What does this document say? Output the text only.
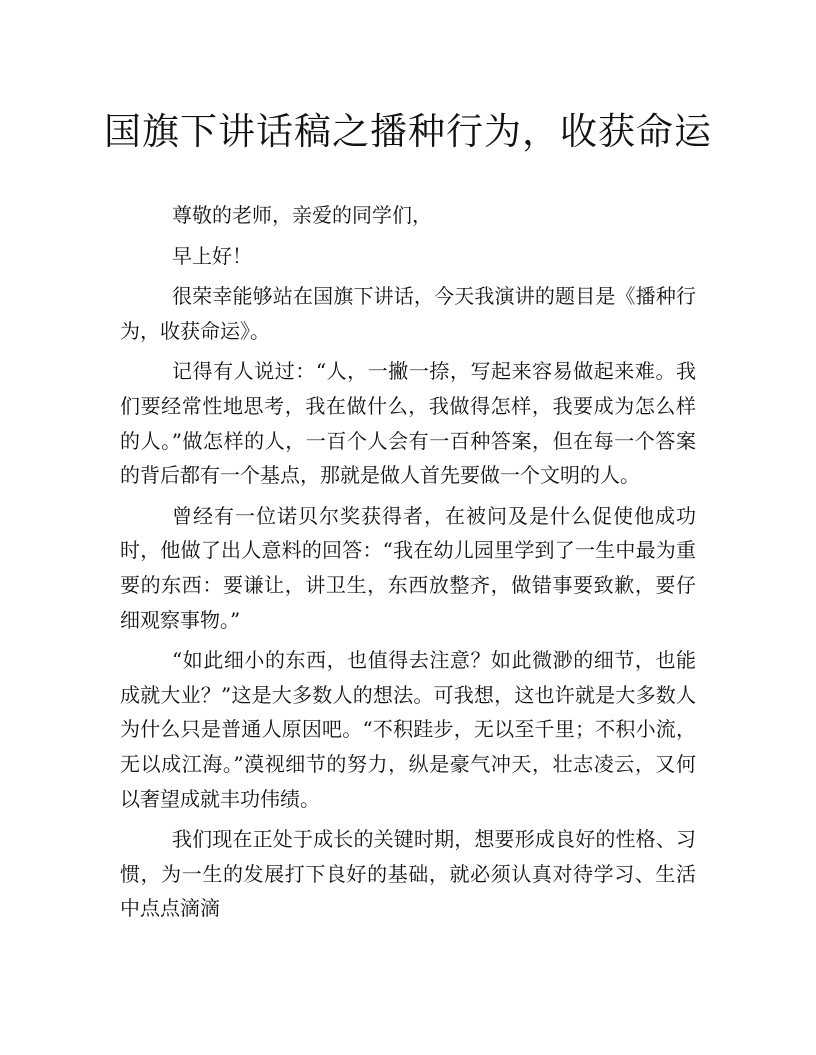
国旗下讲话稿之播种行为，收获命运

尊敬的老师，亲爱的同学们，

早上好！

很荣幸能够站在国旗下讲话，今天我演讲的题目是《播种行为，收获命运》。

记得有人说过：“人，一撇一捺，写起来容易做起来难。我们要经常性地思考，我在做什么，我做得怎样，我要成为怎么样的人。”做怎样的人，一百个人会有一百种答案，但在每一个答案的背后都有一个基点，那就是做人首先要做一个文明的人。

曾经有一位诺贝尔奖获得者，在被问及是什么促使他成功时，他做了出人意料的回答：“我在幼儿园里学到了一生中最为重要的东西：要谦让，讲卫生，东西放整齐，做错事要致歉，要仔细观察事物。”

“如此细小的东西，也值得去注意？如此微渺的细节，也能成就大业？”这是大多数人的想法。可我想，这也许就是大多数人为什么只是普通人原因吧。“不积跬步，无以至千里；不积小流，无以成江海。”漠视细节的努力，纵是豪气冲天，壮志凌云，又何以奢望成就丰功伟绩。

我们现在正处于成长的关键时期，想要形成良好的性格、习惯，为一生的发展打下良好的基础，就必须认真对待学习、生活中点点滴滴
